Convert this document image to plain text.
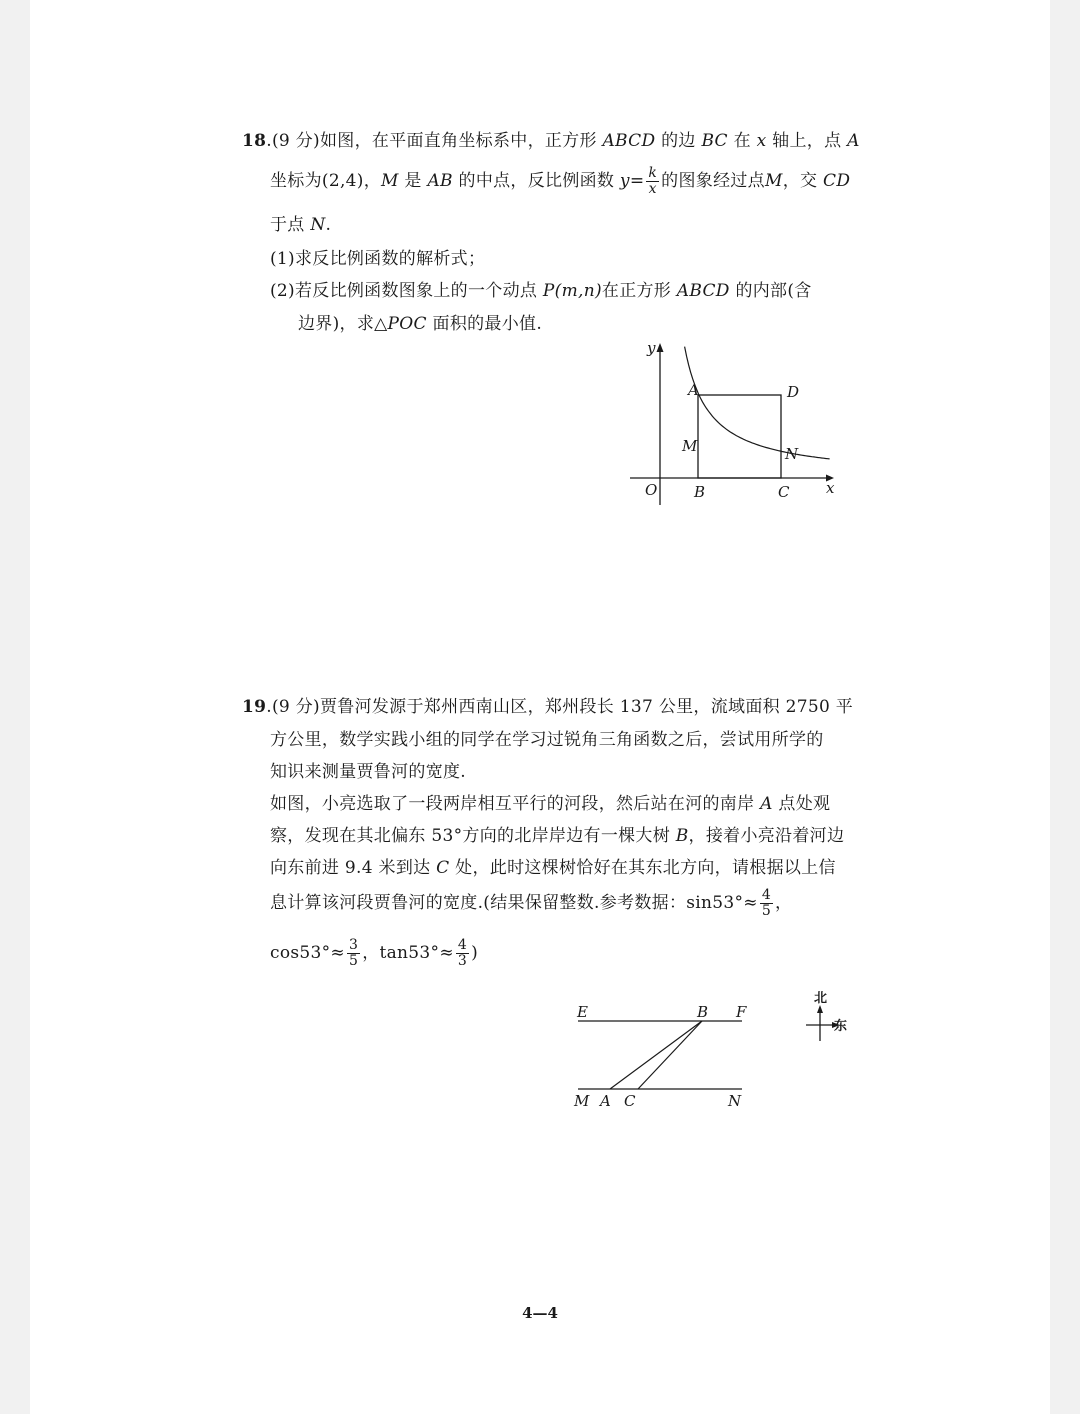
18.(9 分)如图，在平面直角坐标系中，正方形 ABCD 的边 BC 在 x 轴上，点 A
坐标为(2,4)，M 是 AB 的中点，反比例函数 $y= \frac{k}{x}$ 的图象经过点M，交 CD
于点 N.
(1)求反比例函数的解析式；
(2)若反比例函数图象上的一个动点 P(m,n)在正方形 ABCD 的内部(含
边界)，求△POC 面积的最小值.
y
x
O
A
B	C
D
M	N
19.(9 分)贾鲁河发源于郑州西南山区，郑州段长 137 公里，流域面积 2750 平
方公里，数学实践小组的同学在学习过锐角三角函数之后，尝试用所学的
知识来测量贾鲁河的宽度.
如图，小亮选取了一段两岸相互平行的河段，然后站在河的南岸 A 点处观
察，发现在其北偏东 53°方向的北岸岸边有一棵大树 B，接着小亮沿着河边
向东前进 9.4 米到达 C 处，此时这棵树恰好在其东北方向，请根据以上信
息计算该河段贾鲁河的宽度.(结果保留整数.参考数据：$\sin 53^\circ\approx \frac{4}{5}$ ，
$\cos 53^\circ\approx \frac{3}{5}$ ，$\tan 53^\circ\approx \frac{4}{3}$ )
E	B F
M A C	N
北
东
4—4
